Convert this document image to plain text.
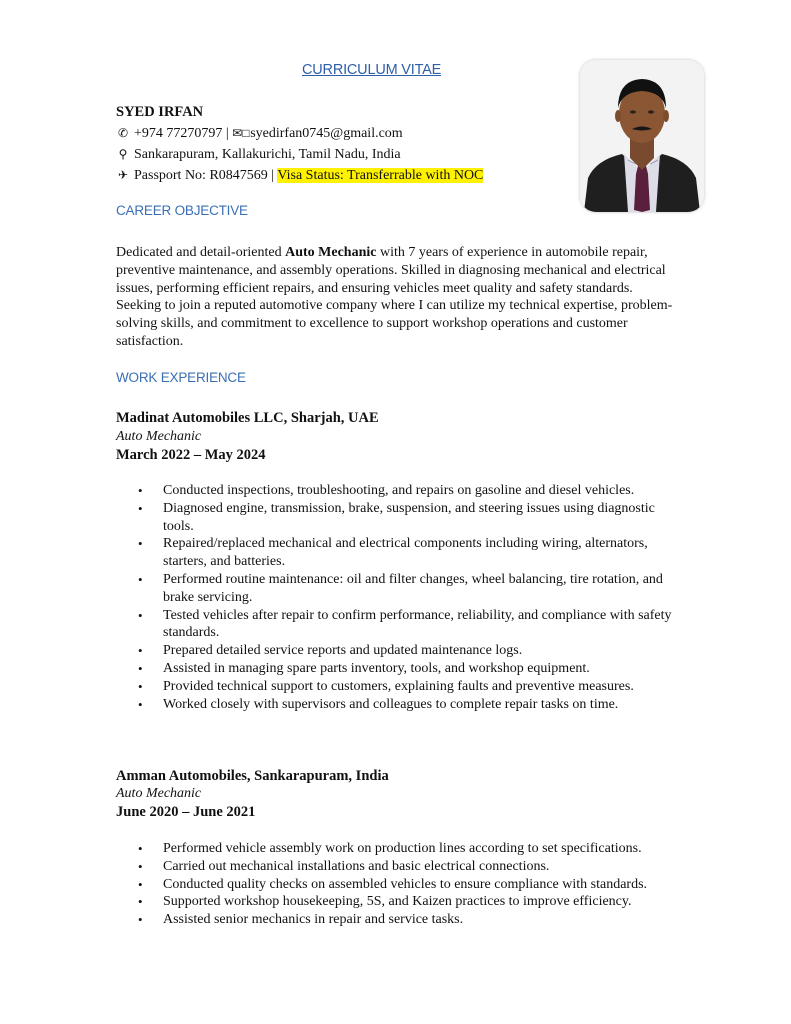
CURRICULUM VITAE
SYED IRFAN
✆ +974 77270797 | ✉□syedirfan0745@gmail.com
⚲ Sankarapuram, Kallakurichi, Tamil Nadu, India
✈ Passport No: R0847569 | Visa Status: Transferrable with NOC
CAREER OBJECTIVE
Dedicated and detail-oriented Auto Mechanic with 7 years of experience in automobile repair, preventive maintenance, and assembly operations. Skilled in diagnosing mechanical and electrical issues, performing efficient repairs, and ensuring vehicles meet quality and safety standards. Seeking to join a reputed automotive company where I can utilize my technical expertise, problem-solving skills, and commitment to excellence to support workshop operations and customer satisfaction.
WORK EXPERIENCE
Madinat Automobiles LLC, Sharjah, UAE
Auto Mechanic
March 2022 – May 2024
• Conducted inspections, troubleshooting, and repairs on gasoline and diesel vehicles.
• Diagnosed engine, transmission, brake, suspension, and steering issues using diagnostic tools.
• Repaired/replaced mechanical and electrical components including wiring, alternators, starters, and batteries.
• Performed routine maintenance: oil and filter changes, wheel balancing, tire rotation, and brake servicing.
• Tested vehicles after repair to confirm performance, reliability, and compliance with safety standards.
• Prepared detailed service reports and updated maintenance logs.
• Assisted in managing spare parts inventory, tools, and workshop equipment.
• Provided technical support to customers, explaining faults and preventive measures.
• Worked closely with supervisors and colleagues to complete repair tasks on time.
Amman Automobiles, Sankarapuram, India
Auto Mechanic
June 2020 – June 2021
• Performed vehicle assembly work on production lines according to set specifications.
• Carried out mechanical installations and basic electrical connections.
• Conducted quality checks on assembled vehicles to ensure compliance with standards.
• Supported workshop housekeeping, 5S, and Kaizen practices to improve efficiency.
• Assisted senior mechanics in repair and service tasks.
